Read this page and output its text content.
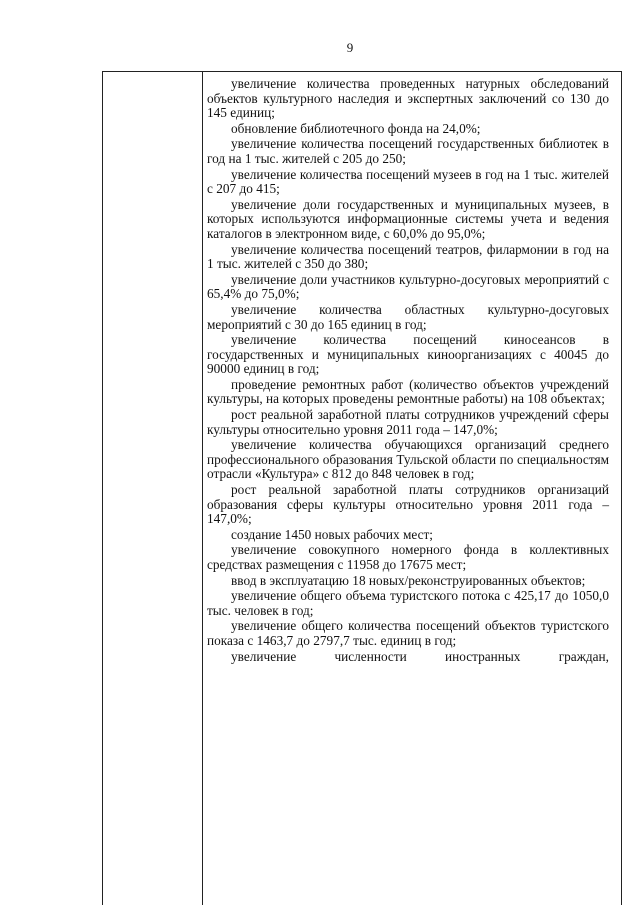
9

увеличение количества проведенных натурных обследований объектов культурного наследия и экспертных заключений со 130 до 145 единиц;

обновление библиотечного фонда на 24,0%;

увеличение количества посещений государственных библиотек в год на 1 тыс. жителей с 205 до 250;

увеличение количества посещений музеев в год на 1 тыс. жителей с 207 до 415;

увеличение доли государственных и муниципальных музеев, в которых используются информационные системы учета и ведения каталогов в электронном виде, с 60,0% до 95,0%;

увеличение количества посещений театров, филармонии в год на 1 тыс. жителей с 350 до 380;

увеличение доли участников культурно-досуговых мероприятий с 65,4% до 75,0%;

увеличение количества областных культурно-досуговых мероприятий с 30 до 165 единиц в год;

увеличение количества посещений киносеансов в государственных и муниципальных киноорганизациях с 40045 до 90000 единиц в год;

проведение ремонтных работ (количество объектов учреждений культуры, на которых проведены ремонтные работы) на 108 объектах;

рост реальной заработной платы сотрудников учреждений сферы культуры относительно уровня 2011 года – 147,0%;

увеличение количества обучающихся организаций среднего профессионального образования Тульской области по специальностям отрасли «Культура» с 812 до 848 человек в год;

рост реальной заработной платы сотрудников организаций образования сферы культуры относительно уровня 2011 года – 147,0%;

создание 1450 новых рабочих мест;

увеличение совокупного номерного фонда в коллективных средствах размещения с 11958 до 17675 мест;

ввод в эксплуатацию 18 новых/реконструированных объектов;

увеличение общего объема туристского потока с 425,17 до 1050,0 тыс. человек в год;

увеличение общего количества посещений объектов туристского показа с 1463,7 до 2797,7 тыс. единиц в год;

увеличение численности иностранных граждан,
